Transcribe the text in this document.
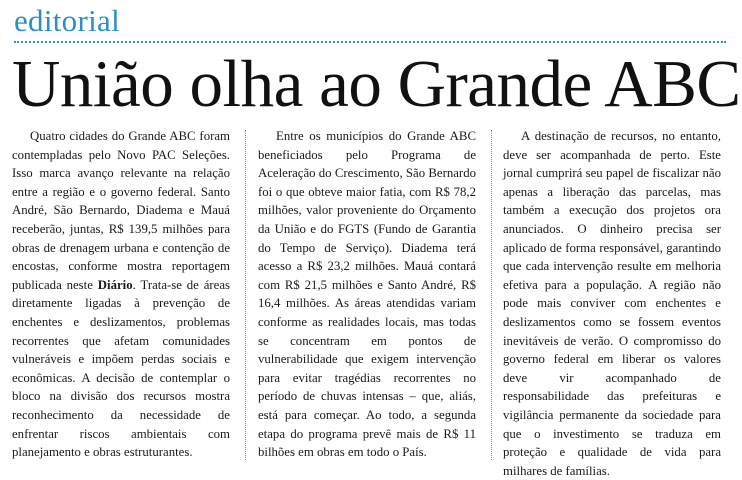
editorial
União olha ao Grande ABC

Quatro cidades do Grande ABC foram contempladas pelo Novo PAC Seleções. Isso marca avanço relevante na relação entre a região e o governo federal. Santo André, São Bernardo, Diadema e Mauá receberão, juntas, R$ 139,5 milhões para obras de drenagem urbana e contenção de encostas, conforme mostra reportagem publicada neste Diário. Trata-se de áreas diretamente ligadas à prevenção de enchentes e deslizamentos, problemas recorrentes que afetam comunidades vulneráveis e impõem perdas sociais e econômicas. A decisão de contemplar o bloco na divisão dos recursos mostra reconhecimento da necessidade de enfrentar riscos ambientais com planejamento e obras estruturantes.

Entre os municípios do Grande ABC beneficiados pelo Programa de Aceleração do Crescimento, São Bernardo foi o que obteve maior fatia, com R$ 78,2 milhões, valor proveniente do Orçamento da União e do FGTS (Fundo de Garantia do Tempo de Serviço). Diadema terá acesso a R$ 23,2 milhões. Mauá contará com R$ 21,5 milhões e Santo André, R$ 16,4 milhões. As áreas atendidas variam conforme as realidades locais, mas todas se concentram em pontos de vulnerabilidade que exigem intervenção para evitar tragédias recorrentes no período de chuvas intensas – que, aliás, está para começar. Ao todo, a segunda etapa do programa prevê mais de R$ 11 bilhões em obras em todo o País.

A destinação de recursos, no entanto, deve ser acompanhada de perto. Este jornal cumprirá seu papel de fiscalizar não apenas a liberação das parcelas, mas também a execução dos projetos ora anunciados. O dinheiro precisa ser aplicado de forma responsável, garantindo que cada intervenção resulte em melhoria efetiva para a população. A região não pode mais conviver com enchentes e deslizamentos como se fossem eventos inevitáveis de verão. O compromisso do governo federal em liberar os valores deve vir acompanhado de responsabilidade das prefeituras e vigilância permanente da sociedade para que o investimento se traduza em proteção e qualidade de vida para milhares de famílias.
